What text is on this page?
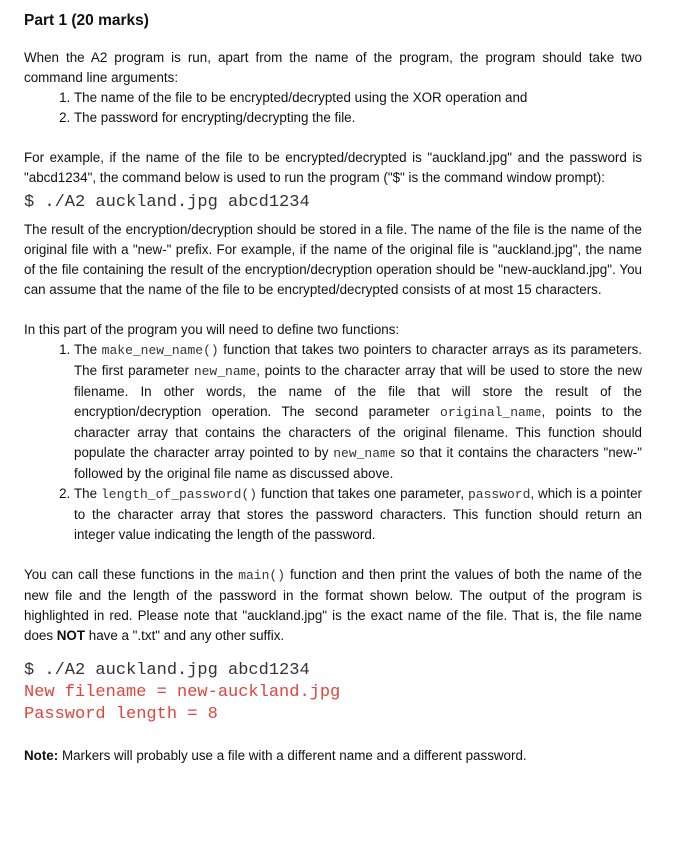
Part 1 (20 marks)

When the A2 program is run, apart from the name of the program, the program should take two command line arguments:

1. The name of the file to be encrypted/decrypted using the XOR operation and
2. The password for encrypting/decrypting the file.

For example, if the name of the file to be encrypted/decrypted is "auckland.jpg" and the password is "abcd1234", the command below is used to run the program ("$" is the command window prompt):

$ ./A2 auckland.jpg abcd1234

The result of the encryption/decryption should be stored in a file. The name of the file is the name of the original file with a "new-" prefix. For example, if the name of the original file is "auckland.jpg", the name of the file containing the result of the encryption/decryption operation should be "new-auckland.jpg". You can assume that the name of the file to be encrypted/decrypted consists of at most 15 characters.

In this part of the program you will need to define two functions:

1. The make_new_name() function that takes two pointers to character arrays as its parameters. The first parameter new_name, points to the character array that will be used to store the new filename. In other words, the name of the file that will store the result of the encryption/decryption operation. The second parameter original_name, points to the character array that contains the characters of the original filename. This function should populate the character array pointed to by new_name so that it contains the characters "new-" followed by the original file name as discussed above.
2. The length_of_password() function that takes one parameter, password, which is a pointer to the character array that stores the password characters. This function should return an integer value indicating the length of the password.

You can call these functions in the main() function and then print the values of both the name of the new file and the length of the password in the format shown below. The output of the program is highlighted in red. Please note that "auckland.jpg" is the exact name of the file. That is, the file name does NOT have a ".txt" and any other suffix.

$ ./A2 auckland.jpg abcd1234
New filename = new-auckland.jpg
Password length = 8

Note: Markers will probably use a file with a different name and a different password.
